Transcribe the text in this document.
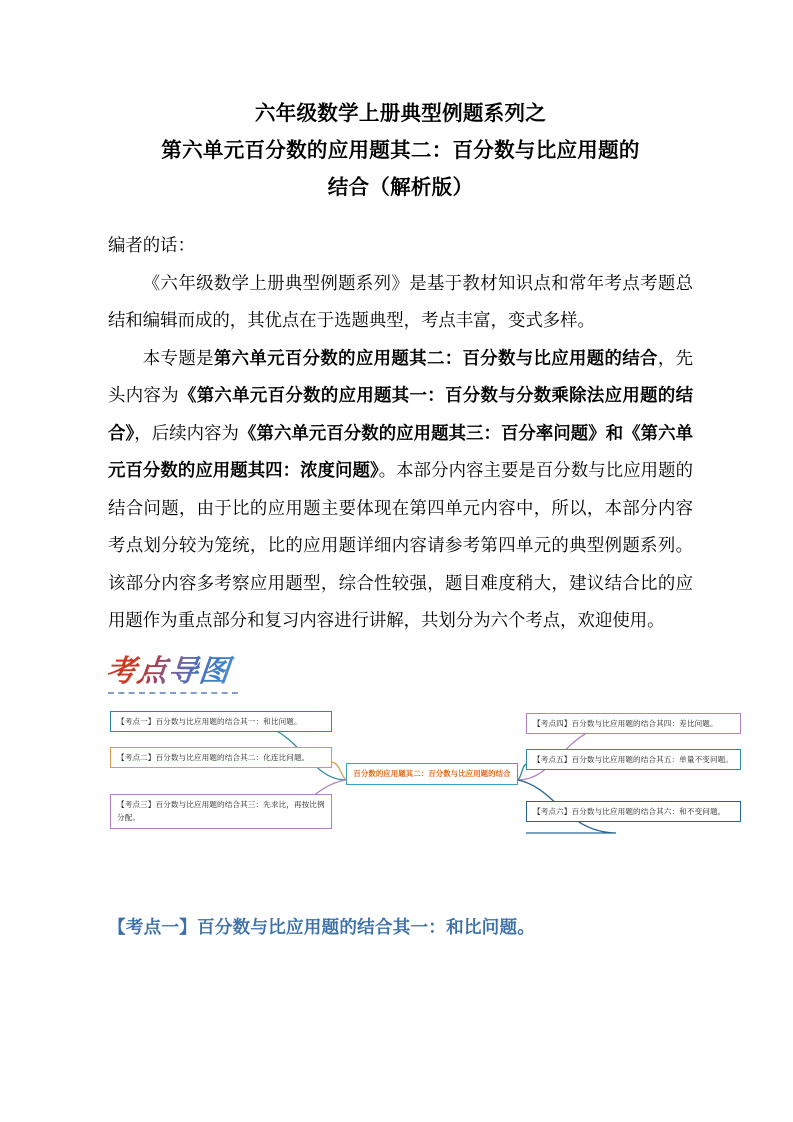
六年级数学上册典型例题系列之
第六单元百分数的应用题其二：百分数与比应用题的
结合（解析版）

编者的话：

《六年级数学上册典型例题系列》是基于教材知识点和常年考点考题总结和编辑而成的，其优点在于选题典型，考点丰富，变式多样。

本专题是第六单元百分数的应用题其二：百分数与比应用题的结合，先头内容为《第六单元百分数的应用题其一：百分数与分数乘除法应用题的结合》，后续内容为《第六单元百分数的应用题其三：百分率问题》和《第六单元百分数的应用题其四：浓度问题》。本部分内容主要是百分数与比应用题的结合问题，由于比的应用题主要体现在第四单元内容中，所以，本部分内容考点划分较为笼统，比的应用题详细内容请参考第四单元的典型例题系列。该部分内容多考察应用题型，综合性较强，题目难度稍大，建议结合比的应用题作为重点部分和复习内容进行讲解，共划分为六个考点，欢迎使用。

考点导图
【考点一】百分数与比应用题的结合其一：和比问题。
【考点二】百分数与比应用题的结合其二：化连比问题。
【考点三】百分数与比应用题的结合其三：先求比，再按比例分配。
百分数的应用题其二：百分数与比应用题的结合
【考点四】百分数与比应用题的结合其四：差比问题。
【考点五】百分数与比应用题的结合其五：单量不变问题。
【考点六】百分数与比应用题的结合其六：和不变问题。
【考点一】百分数与比应用题的结合其一：和比问题。
